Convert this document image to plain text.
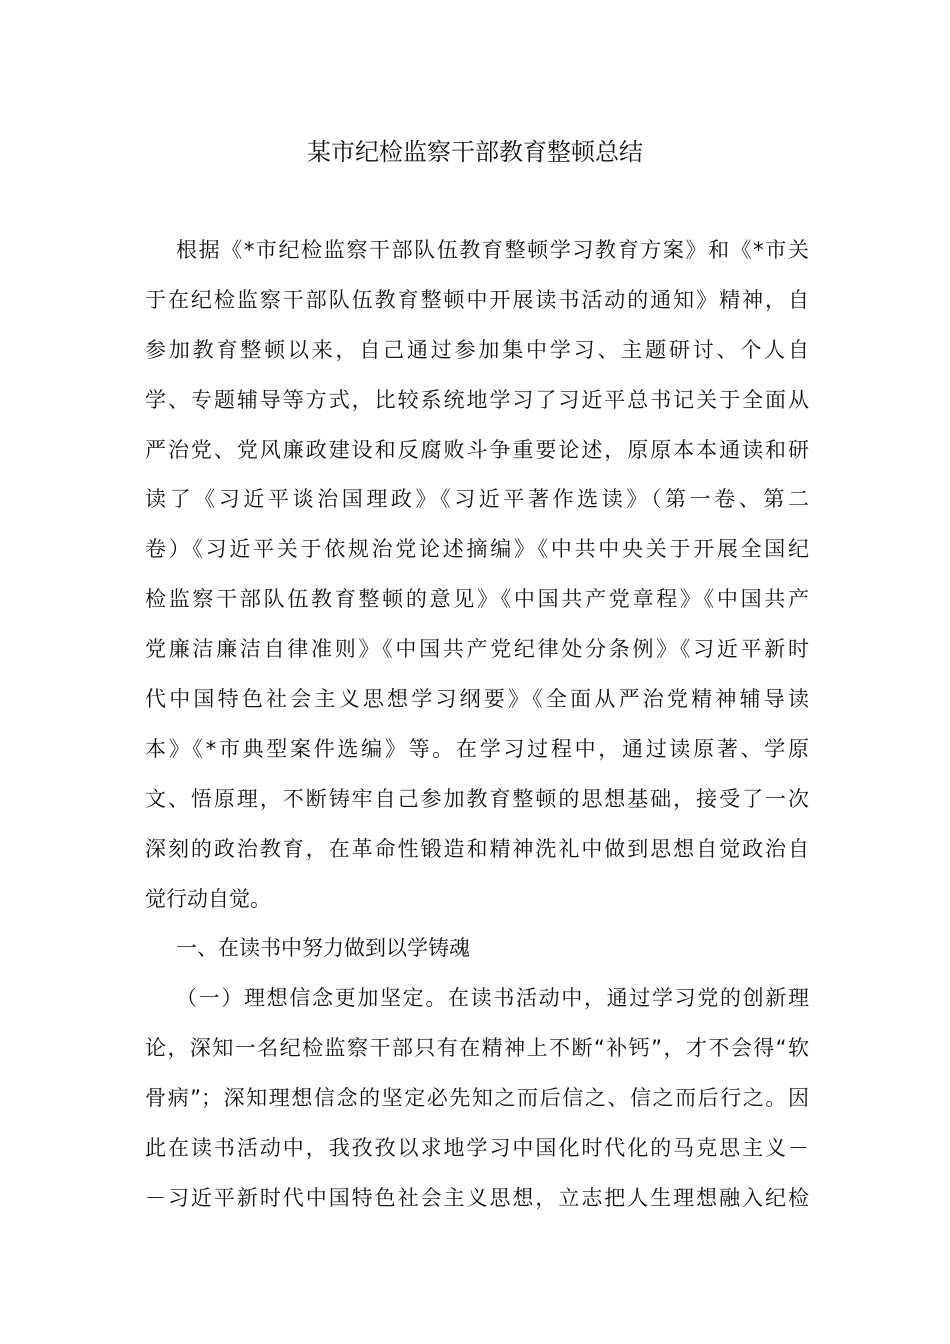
某市纪检监察干部教育整顿总结
根据《*市纪检监察干部队伍教育整顿学习教育方案》和《*市关
于在纪检监察干部队伍教育整顿中开展读书活动的通知》精神，自
参加教育整顿以来，自己通过参加集中学习、主题研讨、个人自
学、专题辅导等方式，比较系统地学习了习近平总书记关于全面从
严治党、党风廉政建设和反腐败斗争重要论述，原原本本通读和研
读了《习近平谈治国理政》《习近平著作选读》（第一卷、第二
卷）《习近平关于依规治党论述摘编》《中共中央关于开展全国纪
检监察干部队伍教育整顿的意见》《中国共产党章程》《中国共产
党廉洁廉洁自律准则》《中国共产党纪律处分条例》《习近平新时
代中国特色社会主义思想学习纲要》《全面从严治党精神辅导读
本》《*市典型案件选编》等。在学习过程中，通过读原著、学原
文、悟原理，不断铸牢自己参加教育整顿的思想基础，接受了一次
深刻的政治教育，在革命性锻造和精神洗礼中做到思想自觉政治自
觉行动自觉。
一、在读书中努力做到以学铸魂
（一）理想信念更加坚定。在读书活动中，通过学习党的创新理
论，深知一名纪检监察干部只有在精神上不断“补钙”，才不会得“软
骨病”；深知理想信念的坚定必先知之而后信之、信之而后行之。因
此在读书活动中，我孜孜以求地学习中国化时代化的马克思主义－
－习近平新时代中国特色社会主义思想，立志把人生理想融入纪检
